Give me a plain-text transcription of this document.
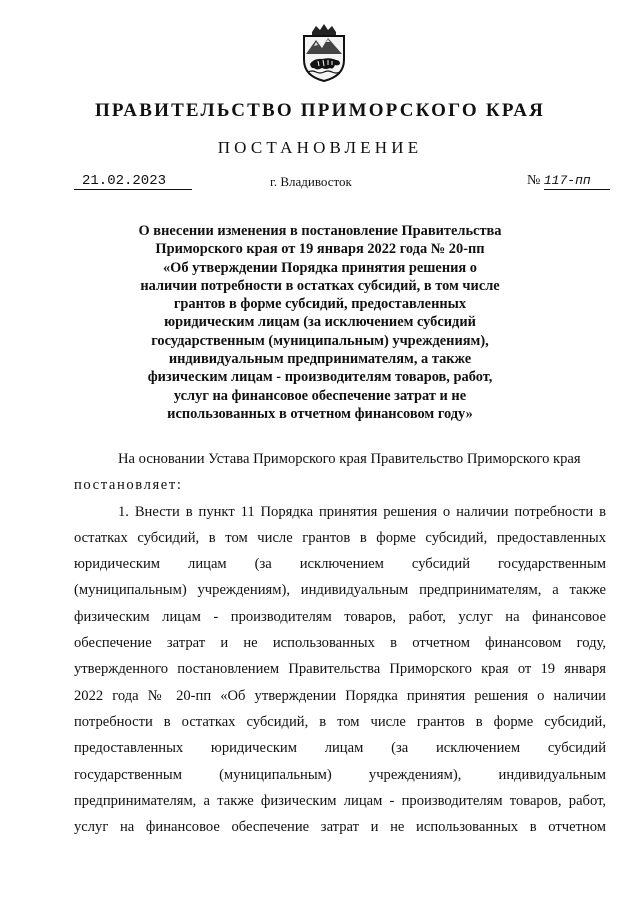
ПРАВИТЕЛЬСТВО ПРИМОРСКОГО КРАЯ
ПОСТАНОВЛЕНИЕ
21.02.2023	г. Владивосток	№ 117-пп
О внесении изменения в постановление Правительства
Приморского края от 19 января 2022 года № 20-пп
«Об утверждении Порядка принятия решения о
наличии потребности в остатках субсидий, в том числе
грантов в форме субсидий, предоставленных
юридическим лицам (за исключением субсидий
государственным (муниципальным) учреждениям),
индивидуальным предпринимателям, а также
физическим лицам - производителям товаров, работ,
услуг на финансовое обеспечение затрат и не
использованных в отчетном финансовом году»
На основании Устава Приморского края Правительство Приморского края
постановляет:
1. Внести в пункт 11 Порядка принятия решения о наличии потребности в
остатках субсидий, в том числе грантов в форме субсидий, предоставленных
юридическим лицам (за исключением субсидий государственным
(муниципальным) учреждениям), индивидуальным предпринимателям, а также
физическим лицам - производителям товаров, работ, услуг на финансовое
обеспечение затрат и не использованных в отчетном финансовом году,
утвержденного постановлением Правительства Приморского края от 19 января
2022 года № 20-пп «Об утверждении Порядка принятия решения о наличии
потребности в остатках субсидий, в том числе грантов в форме субсидий,
предоставленных юридическим лицам (за исключением субсидий
государственным (муниципальным) учреждениям), индивидуальным
предпринимателям, а также физическим лицам - производителям товаров, работ,
услуг на финансовое обеспечение затрат и не использованных в отчетном
